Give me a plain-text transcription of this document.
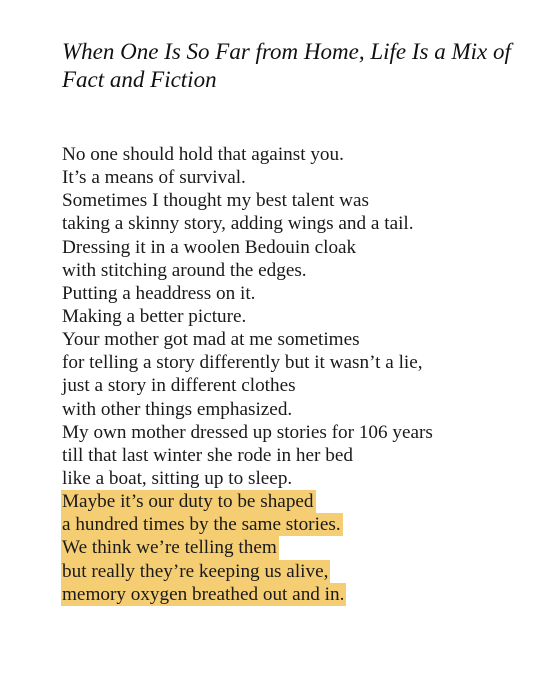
When One Is So Far from Home, Life Is a Mix of Fact and Fiction
No one should hold that against you.
It’s a means of survival.
Sometimes I thought my best talent was
taking a skinny story, adding wings and a tail.
Dressing it in a woolen Bedouin cloak
with stitching around the edges.
Putting a headdress on it.
Making a better picture.
Your mother got mad at me sometimes
for telling a story differently but it wasn’t a lie,
just a story in different clothes
with other things emphasized.
My own mother dressed up stories for 106 years
till that last winter she rode in her bed
like a boat, sitting up to sleep.
Maybe it’s our duty to be shaped
a hundred times by the same stories.
We think we’re telling them
but really they’re keeping us alive,
memory oxygen breathed out and in.
